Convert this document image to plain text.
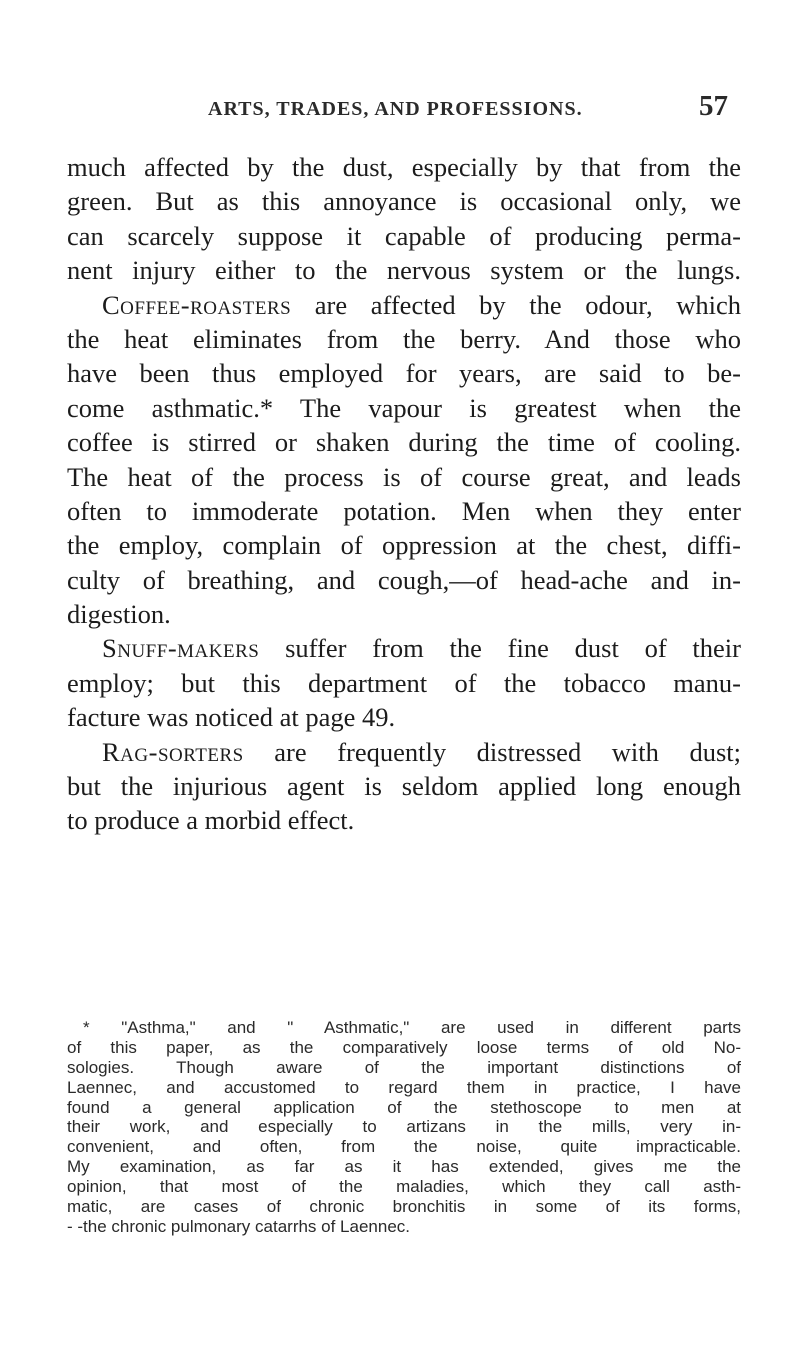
ARTS, TRADES, AND PROFESSIONS.	57
much affected by the dust, especially by that from the
green. But as this annoyance is occasional only, we
can scarcely suppose it capable of producing perma-
nent injury either to the nervous system or the lungs.
Coffee-roasters are affected by the odour, which
the heat eliminates from the berry. And those who
have been thus employed for years, are said to be-
come asthmatic.* The vapour is greatest when the
coffee is stirred or shaken during the time of cooling.
The heat of the process is of course great, and leads
often to immoderate potation. Men when they enter
the employ, complain of oppression at the chest, diffi-
culty of breathing, and cough,—of head-ache and in-
digestion.
Snuff-makers suffer from the fine dust of their
employ; but this department of the tobacco manu-
facture was noticed at page 49.
Rag-sorters are frequently distressed with dust;
but the injurious agent is seldom applied long enough
to produce a morbid effect.
* "Asthma," and " Asthmatic," are used in different parts
of this paper, as the comparatively loose terms of old No-
sologies. Though aware of the important distinctions of
Laennec, and accustomed to regard them in practice, I have
found a general application of the stethoscope to men at
their work, and especially to artizans in the mills, very in-
convenient, and often, from the noise, quite impracticable.
My examination, as far as it has extended, gives me the
opinion, that most of the maladies, which they call asth-
matic, are cases of chronic bronchitis in some of its forms,
- -the chronic pulmonary catarrhs of Laennec.
